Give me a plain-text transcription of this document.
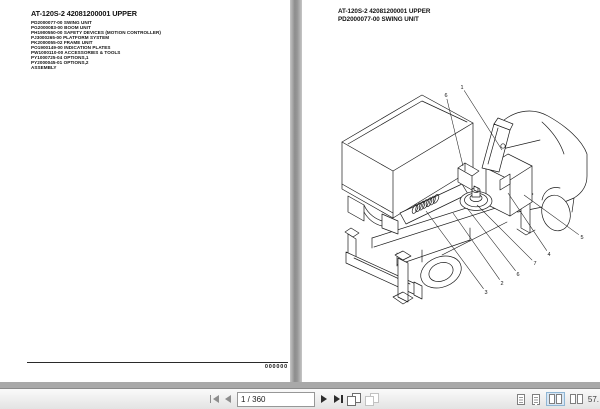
AT-120S-2 42081200001 UPPER
PD2000077-00 SWING UNIT
PG2000083-00 BOOM UNIT
PH1900550-00 SAFETY DEVICES (MOTION CONTROLLER)
PJ3000265-00 PLATFORM SYSTEM
PK2000055-02 FRAME UNIT
PO1900149-00 INDICATION PLATES
PW1000110-00 ACCESSORIES & TOOLS
PY1000725-04 OPTIONS,1
PY2000045-01 OPTIONS,2
ASSEMBLY
000000
AT-120S-2 42081200001 UPPER
PD2000077-00 SWING UNIT
6
1
3
2
6
7
4
5
1 / 360
57.
